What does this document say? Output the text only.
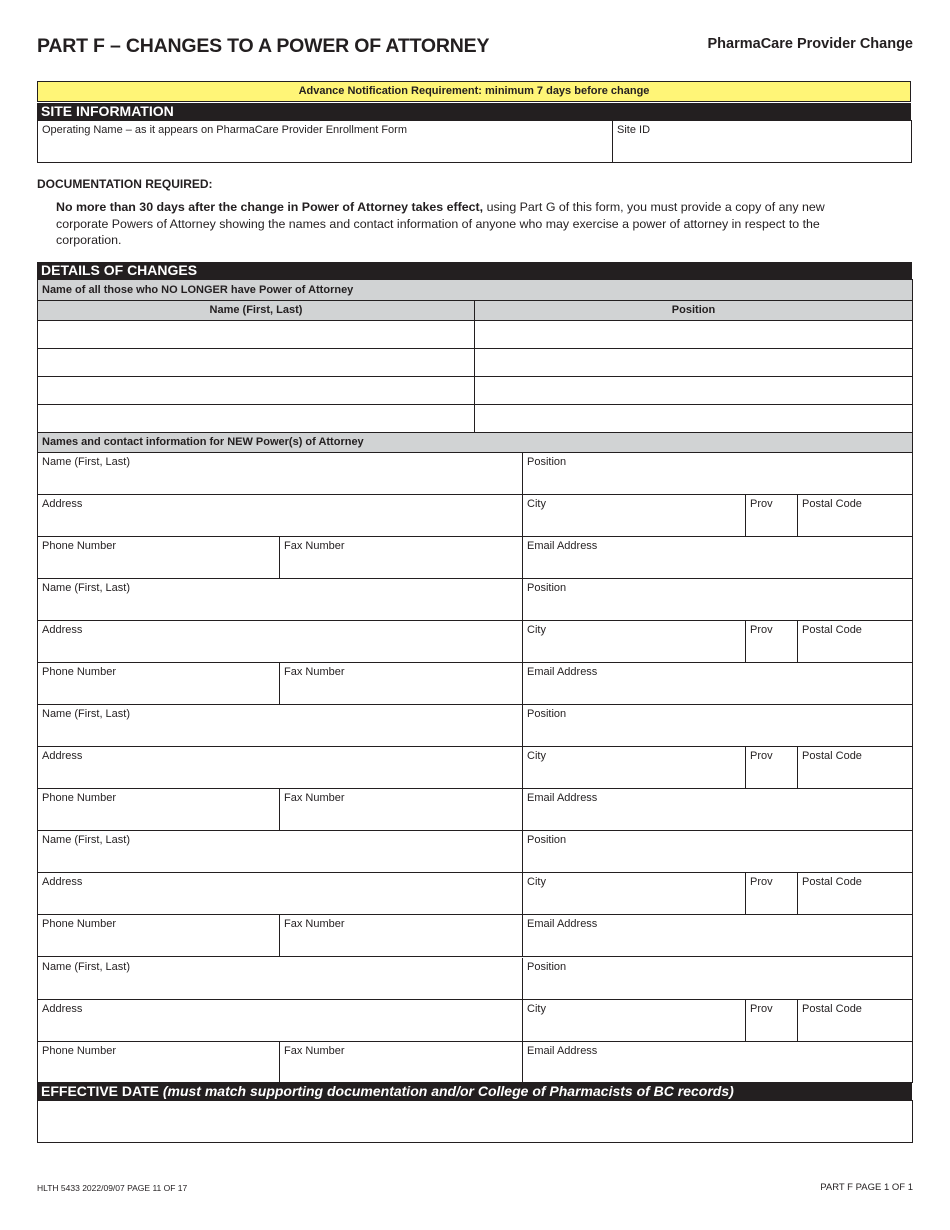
PART F – CHANGES TO A POWER OF ATTORNEY	PharmaCare Provider Change
Advance Notification Requirement: minimum 7 days before change
SITE INFORMATION
Operating Name – as it appears on PharmaCare Provider Enrollment Form	Site ID
DOCUMENTATION REQUIRED:
No more than 30 days after the change in Power of Attorney takes effect, using Part G of this form, you must provide a copy of any new corporate Powers of Attorney showing the names and contact information of anyone who may exercise a power of attorney in respect to the corporation.
DETAILS OF CHANGES
Name of all those who NO LONGER have Power of Attorney
Name (First, Last)	Position
Names and contact information for NEW Power(s) of Attorney
Name (First, Last)	Position
Address	City	Prov	Postal Code
Phone Number	Fax Number	Email Address
Name (First, Last)	Position
Address	City	Prov	Postal Code
Phone Number	Fax Number	Email Address
Name (First, Last)	Position
Address	City	Prov	Postal Code
Phone Number	Fax Number	Email Address
Name (First, Last)	Position
Address	City	Prov	Postal Code
Phone Number	Fax Number	Email Address
Name (First, Last)	Position
Address	City	Prov	Postal Code
Phone Number	Fax Number	Email Address
EFFECTIVE DATE (must match supporting documentation and/or College of Pharmacists of BC records)
HLTH 5433 2022/09/07 PAGE 11 OF 17	PART F PAGE 1 OF 1
